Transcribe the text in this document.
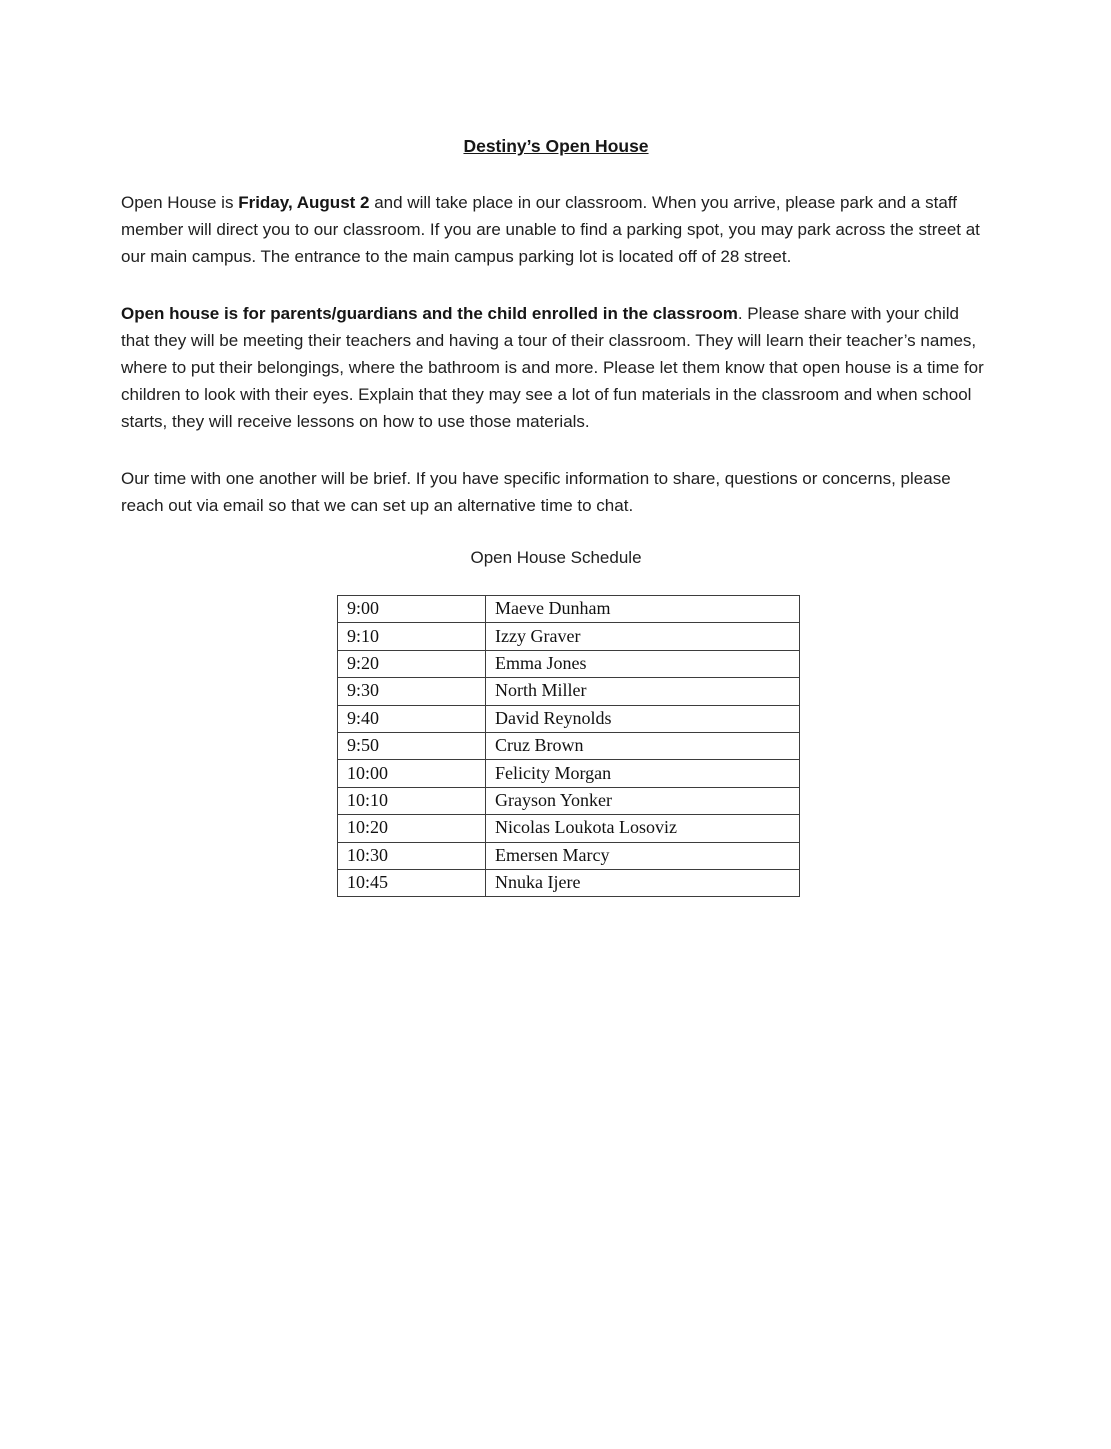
Destiny’s Open House

Open House is Friday, August 2 and will take place in our classroom. When you arrive, please park and a staff member will direct you to our classroom. If you are unable to find a parking spot, you may park across the street at our main campus. The entrance to the main campus parking lot is located off of 28 street.

Open house is for parents/guardians and the child enrolled in the classroom. Please share with your child that they will be meeting their teachers and having a tour of their classroom. They will learn their teacher’s names, where to put their belongings, where the bathroom is and more. Please let them know that open house is a time for children to look with their eyes. Explain that they may see a lot of fun materials in the classroom and when school starts, they will receive lessons on how to use those materials.

Our time with one another will be brief. If you have specific information to share, questions or concerns, please reach out via email so that we can set up an alternative time to chat.

Open House Schedule
9:00	Maeve Dunham
9:10	Izzy Graver
9:20	Emma Jones
9:30	North Miller
9:40	David Reynolds
9:50	Cruz Brown
10:00	Felicity Morgan
10:10	Grayson Yonker
10:20	Nicolas Loukota Losoviz
10:30	Emersen Marcy
10:45	Nnuka Ijere
